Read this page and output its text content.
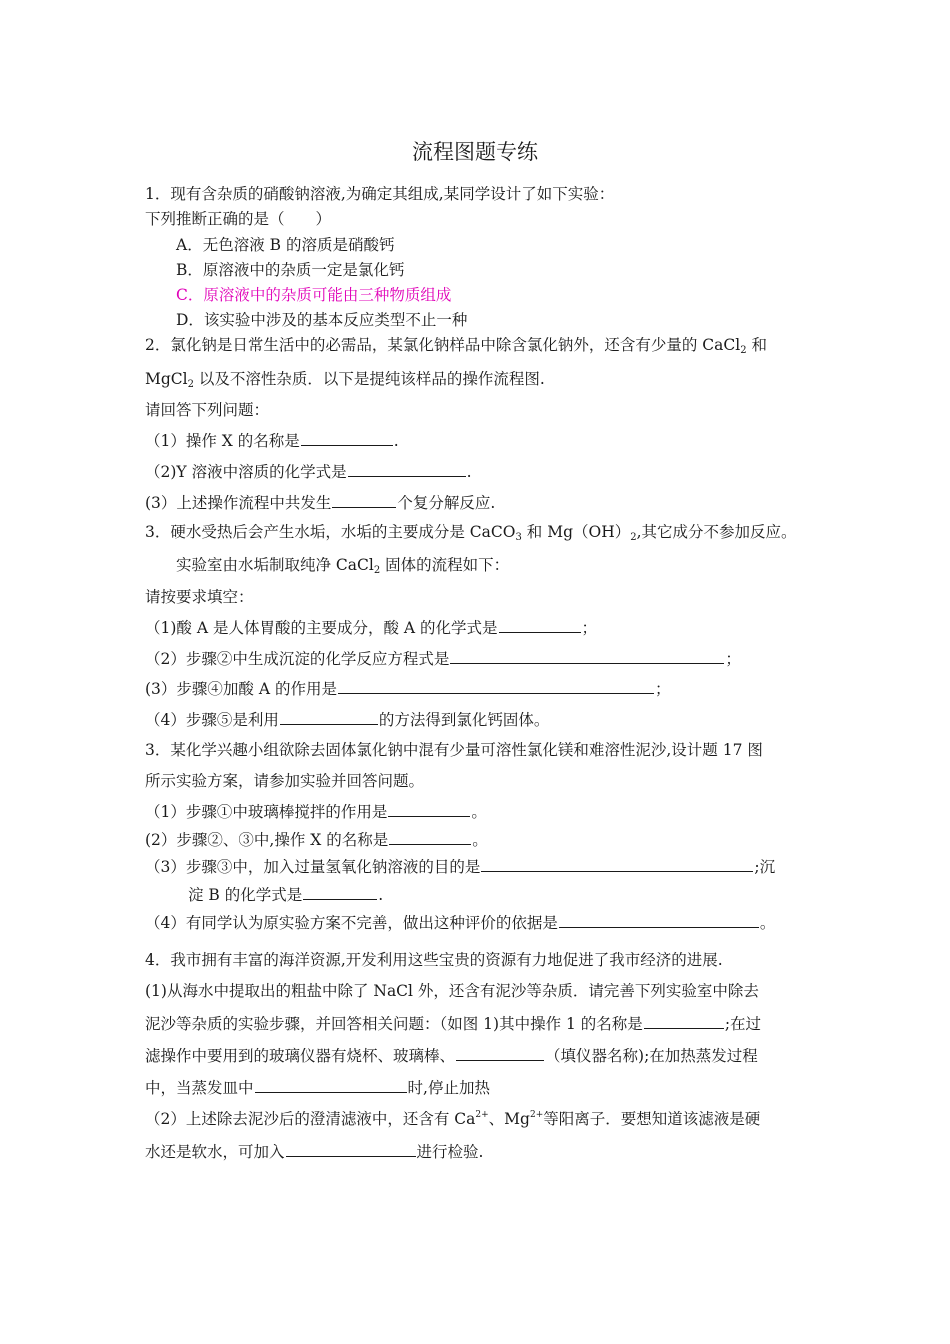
流程图题专练
1．现有含杂质的硝酸钠溶液,为确定其组成,某同学设计了如下实验：
下列推断正确的是（　　）
A．无色溶液 B 的溶质是硝酸钙
B．原溶液中的杂质一定是氯化钙
C．原溶液中的杂质可能由三种物质组成
D．该实验中涉及的基本反应类型不止一种
2．氯化钠是日常生活中的必需品，某氯化钠样品中除含氯化钠外，还含有少量的 CaCl$_2$ 和
MgCl$_2$ 以及不溶性杂质．以下是提纯该样品的操作流程图.
请回答下列问题：
（1）操作 X 的名称是	.
（2)Y 溶液中溶质的化学式是	.
(3）上述操作流程中共发生	个复分解反应.
3．硬水受热后会产生水垢，水垢的主要成分是 CaCO$_3$ 和 $Mg(OH)_2$,其它成分不参加反应。
实验室由水垢制取纯净 CaCl$_2$ 固体的流程如下：
请按要求填空：
（1)酸 A 是人体胃酸的主要成分，酸 A 的化学式是	；
（2）步骤②中生成沉淀的化学反应方程式是	；
(3）步骤④加酸 A 的作用是	；
（4）步骤⑤是利用	的方法得到氯化钙固体。
3．某化学兴趣小组欲除去固体氯化钠中混有少量可溶性氯化镁和难溶性泥沙,设计题 17 图
所示实验方案，请参加实验并回答问题。
（1）步骤①中玻璃棒搅拌的作用是	。
(2）步骤②、③中,操作 X 的名称是	。
（3）步骤③中，加入过量氢氧化钠溶液的目的是	;沉
淀 B 的化学式是	.
（4）有同学认为原实验方案不完善，做出这种评价的依据是	。
4．我市拥有丰富的海洋资源,开发利用这些宝贵的资源有力地促进了我市经济的进展.
(1)从海水中提取出的粗盐中除了 NaCl 外，还含有泥沙等杂质．请完善下列实验室中除去
泥沙等杂质的实验步骤，并回答相关问题：（如图 1)其中操作 1 的名称是	;在过
滤操作中要用到的玻璃仪器有烧杯、玻璃棒、	（填仪器名称);在加热蒸发过程
中，当蒸发皿中	时,停止加热
（2）上述除去泥沙后的澄清滤液中，还含有 $Ca^{2+}$、$Mg^{2+}$等阳离子．要想知道该滤液是硬
水还是软水，可加入	进行检验.
